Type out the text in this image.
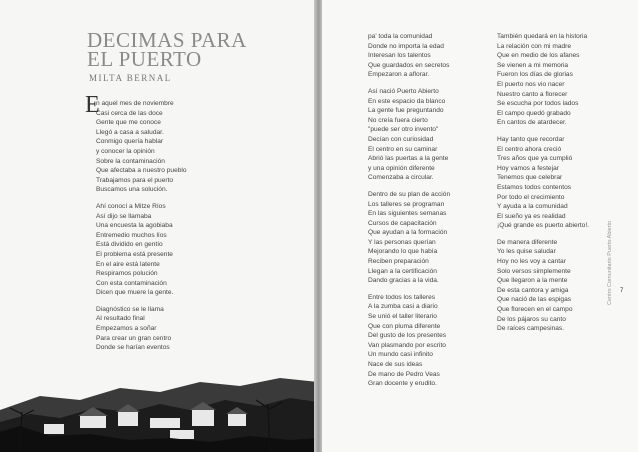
DECIMAS PARA
EL PUERTO
MILTA BERNAL
E
n aquel mes de noviembre
Casi cerca de las doce
Gente que me conoce
Llegó a casa a saludar.
Conmigo quería hablar
y conocer la opinión
Sobre la contaminación
Que afectaba a nuestro pueblo
Trabajamos para el puerto
Buscamos una solución.
Ahí conocí a Mitze Ríos
Así dijo se llamaba
Una encuesta la agobiaba
Entremedio muchos líos
Está dividido en gentío
El problema está presente
En el aire está latente
Respiramos polución
Con esta contaminación
Dicen que muere la gente.
Diagnóstico se le llama
Al resultado final
Empezamos a soñar
Para crear un gran centro
Donde se harían eventos
pa' toda la comunidad
Donde no importa la edad
Interesan los talentos
Que guardados en secretos
Empezaron a aflorar.
Así nació Puerto Abierto
En este espacio da blanco
La gente fue preguntando
No creía fuera cierto
"puede ser otro invento"
Decían con curiosidad
El centro en su caminar
Abrió las puertas a la gente
y una opinión diferente
Comenzaba a circular.
Dentro de su plan de acción
Los talleres se programan
En las siguientes semanas
Cursos de capacitación
Que ayudan a la formación
Y las personas querían
Mejorando lo que había
Reciben preparación
Llegan a la certificación
Dando gracias a la vida.
Entre todos los talleres
A la zumba casi a diario
Se unió el taller literario
Que con pluma diferente
Del gusto de los presentes
Van plasmando por escrito
Un mundo casi infinito
Nace de sus ideas
De mano de Pedro Veas
Gran docente y erudito.
También quedará en la historia
La relación con mi madre
Que en medio de los afanes
Se vienen a mi memoria
Fueron los días de glorias
El puerto nos vio nacer
Nuestro canto a florecer
Se escucha por todos lados
El campo quedó grabado
En cantos de atardecer.
Hay tanto que recordar
El centro ahora creció
Tres años que ya cumplió
Hoy vamos a festejar
Tenemos que celebrar
Estamos todos contentos
Por todo el crecimiento
Y ayuda a la comunidad
El sueño ya es realidad
¡Qué grande es puerto abierto!.
De manera diferente
Yo les quise saludar
Hoy no les voy a cantar
Solo versos simplemente
Que llegaron a la mente
De esta cantora y amiga
Que nació de las espigas
Que florecen en el campo
De los pájaros su canto
De raíces campesinas.
7
Centro Comunitario Puerto Abierto
